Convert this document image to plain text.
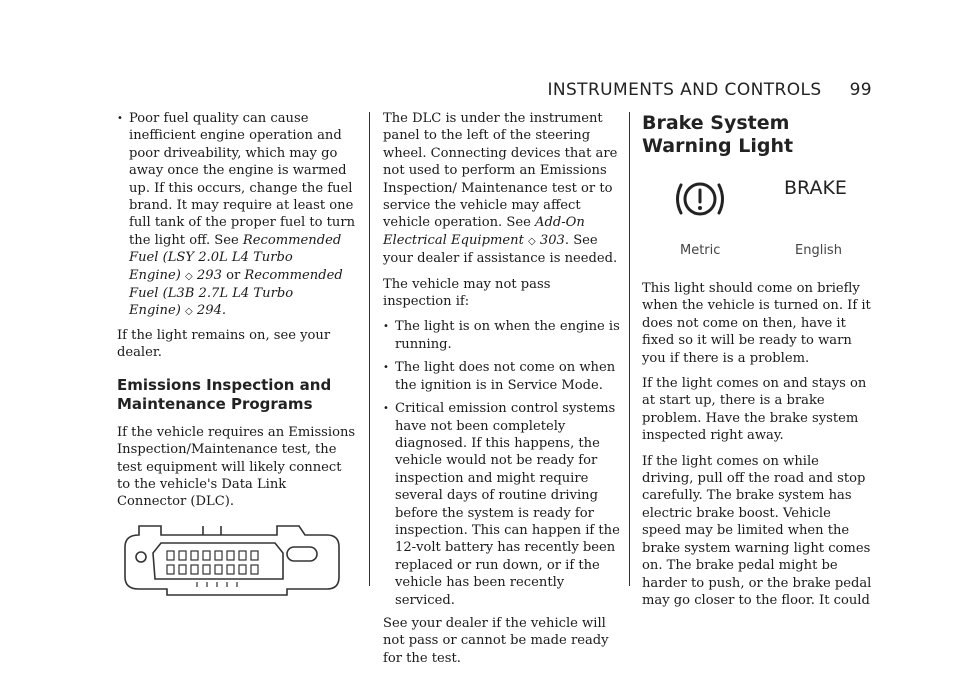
INSTRUMENTS AND CONTROLS 99
• Poor fuel quality can cause inefficient engine operation and poor driveability, which may go away once the engine is warmed up. If this occurs, change the fuel brand. It may require at least one full tank of the proper fuel to turn the light off. See Recommended Fuel (LSY 2.0L L4 Turbo Engine) ◇ 293 or Recommended Fuel (L3B 2.7L L4 Turbo Engine) ◇ 294.

If the light remains on, see your dealer.

Emissions Inspection and Maintenance Programs

If the vehicle requires an Emissions Inspection/Maintenance test, the test equipment will likely connect to the vehicle's Data Link Connector (DLC).

The DLC is under the instrument panel to the left of the steering wheel. Connecting devices that are not used to perform an Emissions Inspection/ Maintenance test or to service the vehicle may affect vehicle operation. See Add-On Electrical Equipment ◇ 303. See your dealer if assistance is needed.

The vehicle may not pass inspection if:

• The light is on when the engine is running.
• The light does not come on when the ignition is in Service Mode.
• Critical emission control systems have not been completely diagnosed. If this happens, the vehicle would not be ready for inspection and might require several days of routine driving before the system is ready for inspection. This can happen if the 12-volt battery has recently been replaced or run down, or if the vehicle has been recently serviced.

See your dealer if the vehicle will not pass or cannot be made ready for the test.

Brake System Warning Light
BRAKE
Metric	English

This light should come on briefly when the vehicle is turned on. If it does not come on then, have it fixed so it will be ready to warn you if there is a problem.

If the light comes on and stays on at start up, there is a brake problem. Have the brake system inspected right away.

If the light comes on while driving, pull off the road and stop carefully. The brake system has electric brake boost. Vehicle speed may be limited when the brake system warning light comes on. The brake pedal might be harder to push, or the brake pedal may go closer to the floor. It could
